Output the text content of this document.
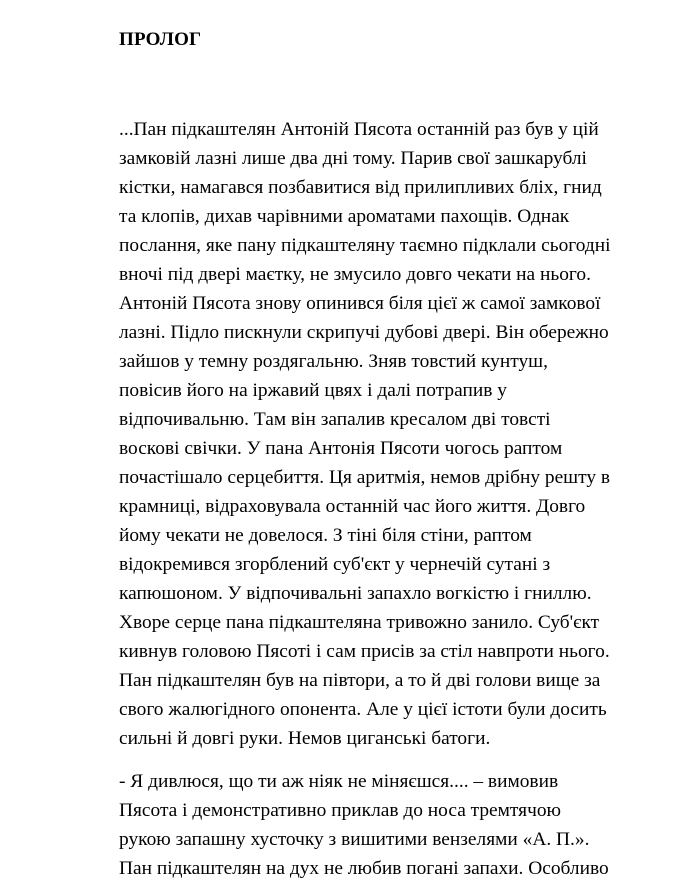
ПРОЛОГ

...Пан підкаштелян Антоній Пясота останній раз був у цій
замковій лазні лише два дні тому. Парив свої зашкарублі
кістки, намагався позбавитися від прилипливих бліх, гнид
та клопів, дихав чарівними ароматами пахощів. Однак
послання, яке пану підкаштеляну таємно підклали сьогодні
вночі під двері маєтку, не змусило довго чекати на нього.
Антоній Пясота знову опинився біля цієї ж самої замкової
лазні. Підло пискнули скрипучі дубові двері. Він обережно
зайшов у темну роздягальню. Зняв товстий кунтуш,
повісив його на іржавий цвях і далі потрапив у
відпочивальню. Там він запалив кресалом дві товсті
воскові свічки. У пана Антонія Пясоти чогось раптом
почастішало серцебиття. Ця аритмія, немов дрібну решту в
крамниці, відраховувала останній час його життя. Довго
йому чекати не довелося. З тіні біля стіни, раптом
відокремився згорблений суб'єкт у чернечій сутані з
капюшоном. У відпочивальні запахло вогкістю і гниллю.
Хворе серце пана підкаштеляна тривожно занило. Суб'єкт
кивнув головою Пясоті і сам присів за стіл навпроти нього.
Пан підкаштелян був на півтори, а то й дві голови вище за
свого жалюгідного опонента. Але у цієї істоти були досить
сильні й довгі руки. Немов циганські батоги.

- Я дивлюся, що ти аж ніяк не міняєшся.... – вимовив
Пясота і демонстративно приклав до носа тремтячою
рукою запашну хусточку з вишитими вензелями «А. П.».
Пан підкаштелян на дух не любив погані запахи. Особливо
